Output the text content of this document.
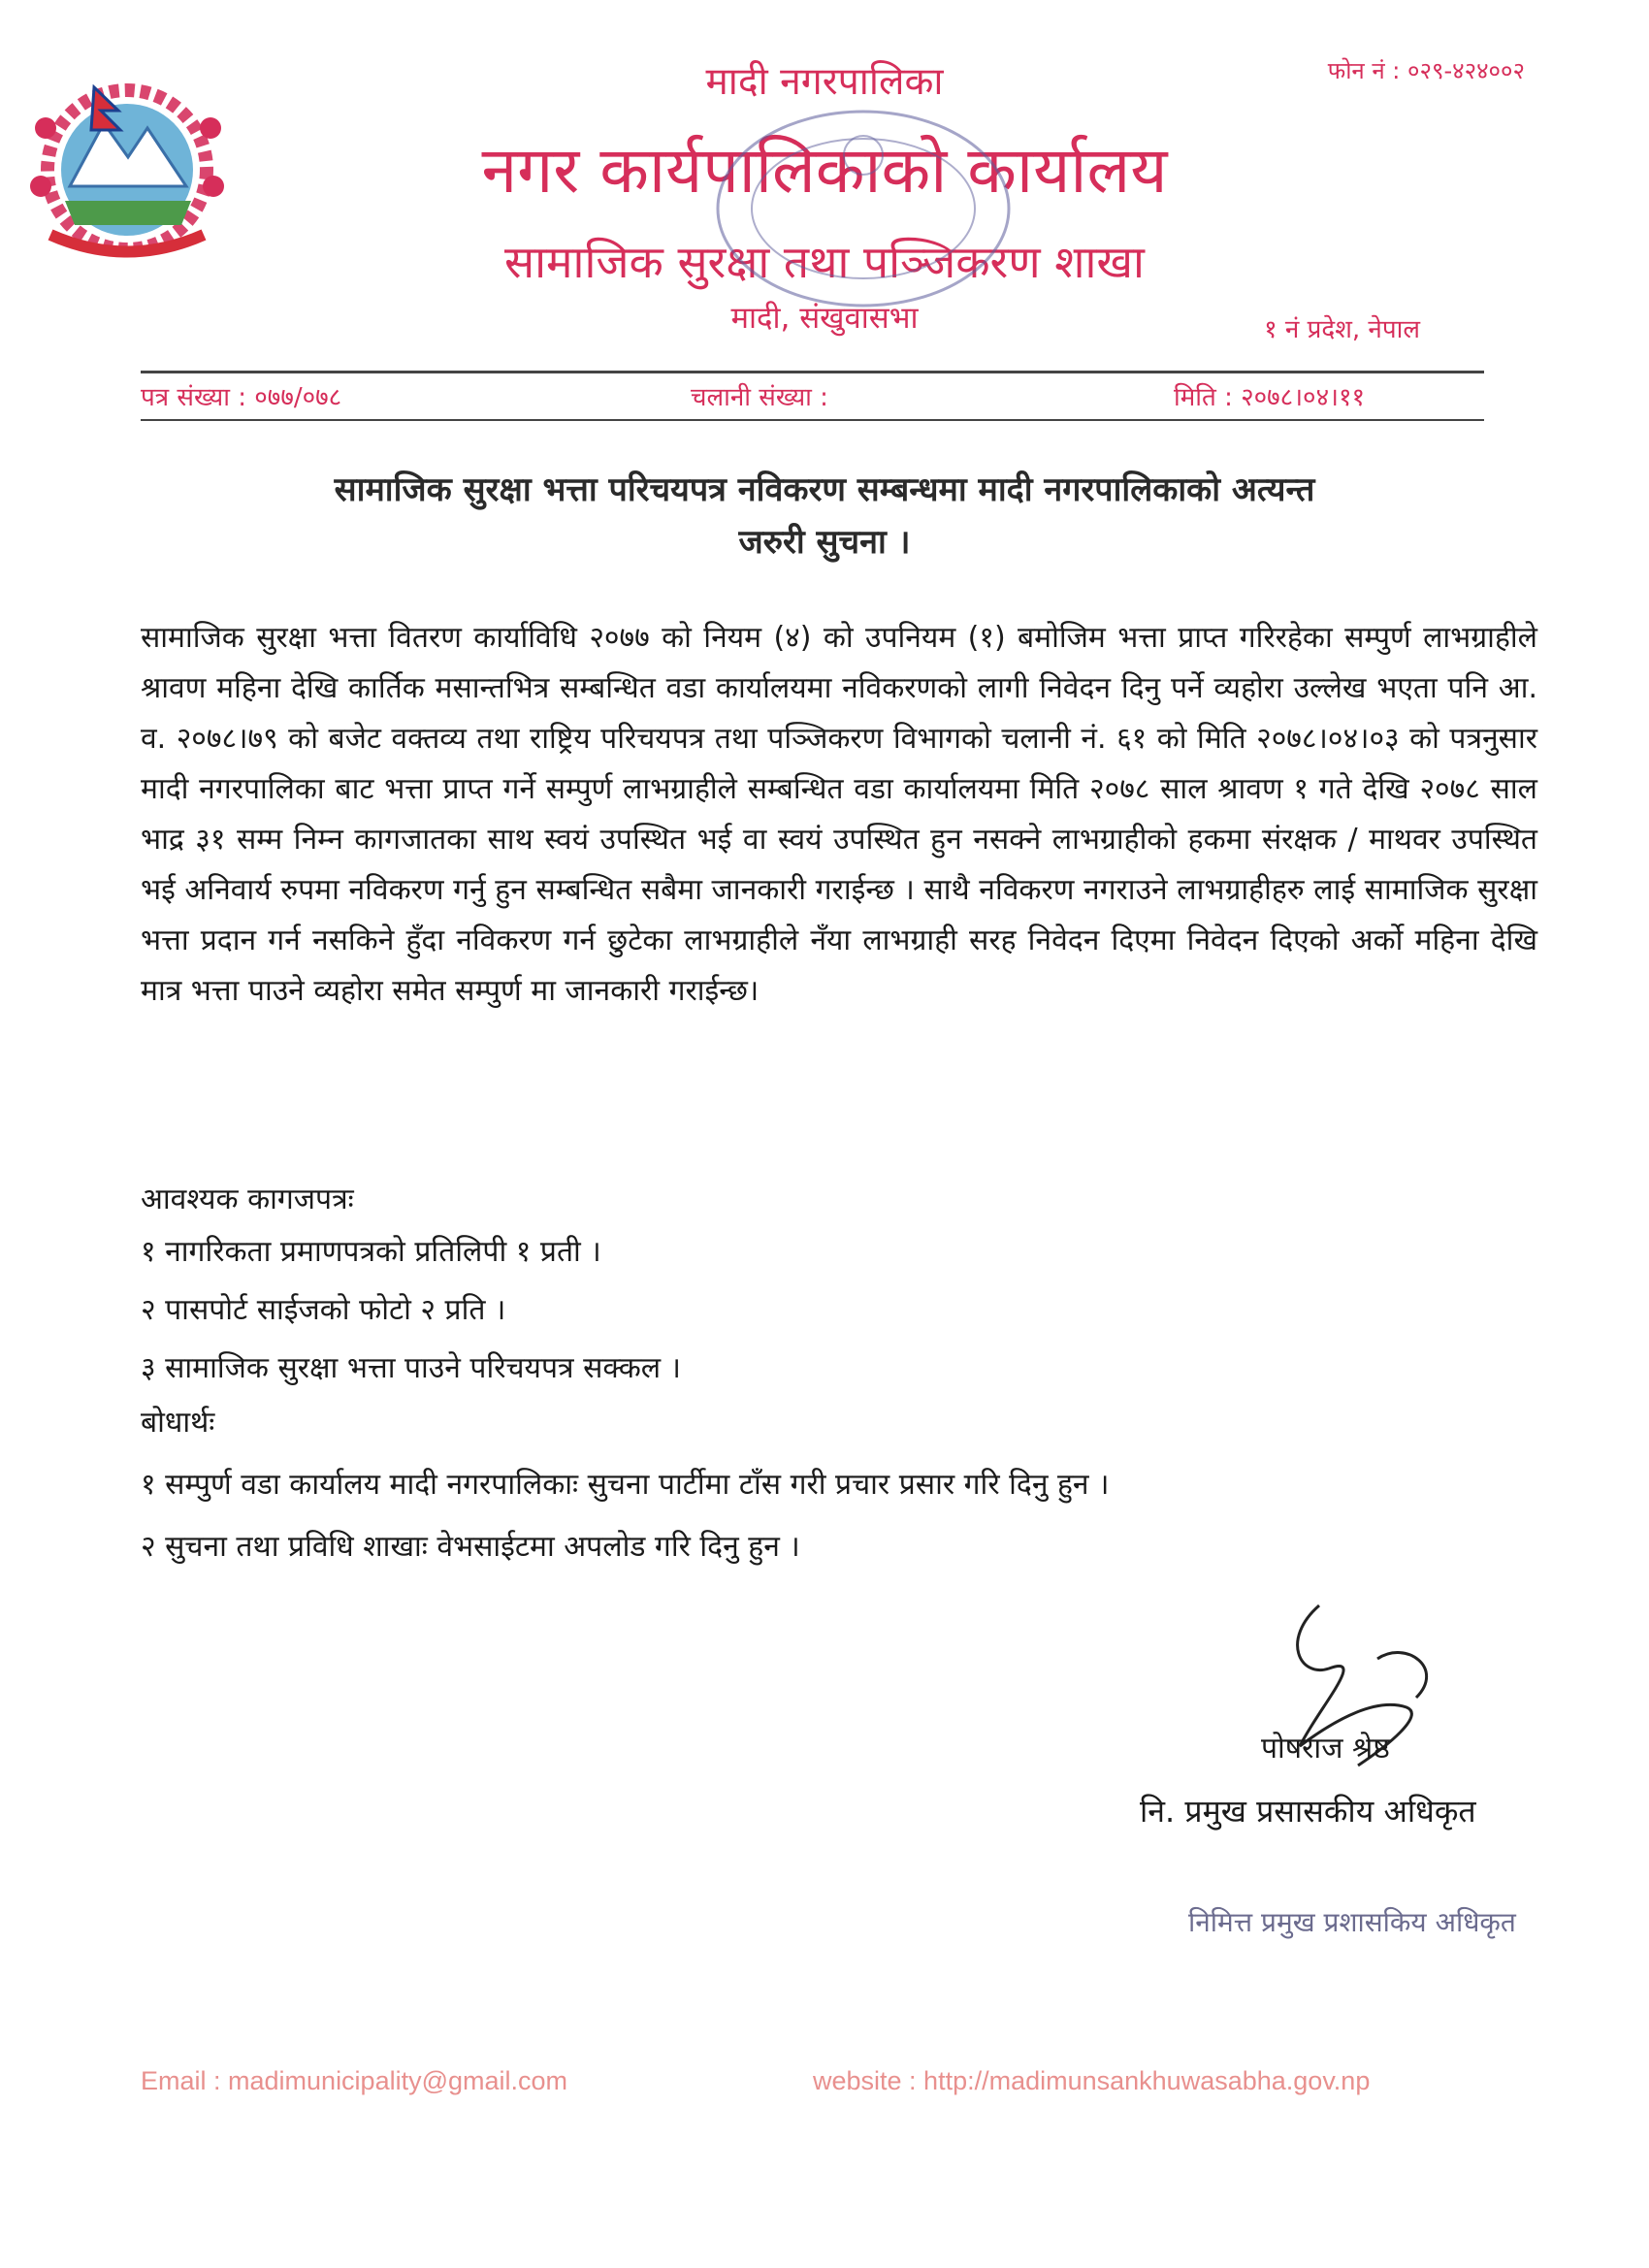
मादी नगरपालिका
नगर कार्यपालिकाको कार्यालय
सामाजिक सुरक्षा तथा पञ्जिकरण शाखा
मादी, संखुवासभा
फोन नं : ०२९-४२४००२
१ नं प्रदेश, नेपाल
पत्र संख्या : ०७७/०७८	चलानी संख्या :	मिति : २०७८।०४।११
सामाजिक सुरक्षा भत्ता परिचयपत्र नविकरण सम्बन्धमा मादी नगरपालिकाको अत्यन्त
जरुरी सुचना ।
सामाजिक सुरक्षा भत्ता वितरण कार्याविधि २०७७ को नियम (४) को उपनियम (१) बमोजिम भत्ता प्राप्त गरिरहेका सम्पुर्ण लाभग्राहीले श्रावण महिना देखि कार्तिक मसान्तभित्र सम्बन्धित वडा कार्यालयमा नविकरणको लागी निवेदन दिनु पर्ने व्यहोरा उल्लेख भएता पनि आ. व. २०७८।७९ को बजेट वक्तव्य तथा राष्ट्रिय परिचयपत्र तथा पञ्जिकरण विभागको चलानी नं. ६१ को मिति २०७८।०४।०३ को पत्रनुसार मादी नगरपालिका बाट भत्ता प्राप्त गर्ने सम्पुर्ण लाभग्राहीले सम्बन्धित वडा कार्यालयमा मिति २०७८ साल श्रावण १ गते देखि २०७८ साल भाद्र ३१ सम्म निम्न कागजातका साथ स्वयं उपस्थित भई वा स्वयं उपस्थित हुन नसक्ने लाभग्राहीको हकमा संरक्षक / माथवर उपस्थित भई अनिवार्य रुपमा नविकरण गर्नु हुन सम्बन्धित सबैमा जानकारी गराईन्छ । साथै नविकरण नगराउने लाभग्राहीहरु लाई सामाजिक सुरक्षा भत्ता प्रदान गर्न नसकिने हुँदा नविकरण गर्न छुटेका लाभग्राहीले नँया लाभग्राही सरह निवेदन दिएमा निवेदन दिएको अर्को महिना देखि मात्र भत्ता पाउने व्यहोरा समेत सम्पुर्ण मा जानकारी गराईन्छ।
आवश्यक कागजपत्रः
१ नागरिकता प्रमाणपत्रको प्रतिलिपी १ प्रती ।
२ पासपोर्ट साईजको फोटो २ प्रति ।
३ सामाजिक सुरक्षा भत्ता पाउने परिचयपत्र सक्कल ।
बोधार्थः
१ सम्पुर्ण वडा कार्यालय मादी नगरपालिकाः सुचना पार्टीमा टाँस गरी प्रचार प्रसार गरि दिनु हुन ।
२ सुचना तथा प्रविधि शाखाः वेभसाईटमा अपलोड गरि दिनु हुन ।
पोषराज श्रेष्ठ
नि. प्रमुख प्रसासकीय अधिकृत
निमित्त प्रमुख प्रशासकिय अधिकृत
Email : madimunicipality@gmail.com	website : http://madimunsankhuwasabha.gov.np
